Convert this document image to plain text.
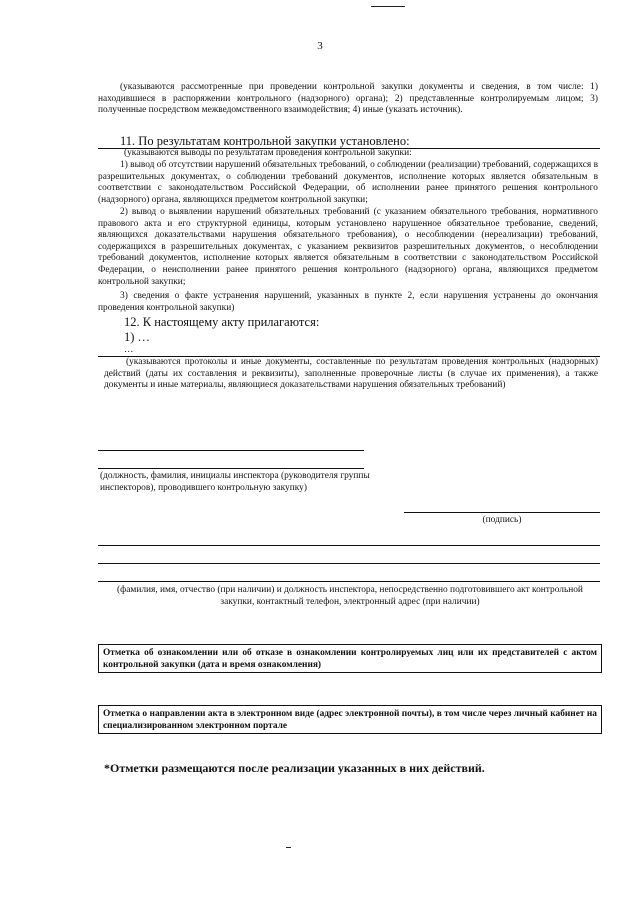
3
(указываются рассмотренные при проведении контрольной закупки документы и сведения, в том числе: 1) находившиеся в распоряжении контрольного (надзорного) органа); 2) представленные контролируемым лицом; 3) полученные посредством межведомственного взаимодействия; 4) иные (указать источник).
11. По результатам контрольной закупки установлено:
(указываются выводы по результатам проведения контрольной закупки:
1) вывод об отсутствии нарушений обязательных требований, о соблюдении (реализации) требований, содержащихся в разрешительных документах, о соблюдении требований документов, исполнение которых является обязательным в соответствии с законодательством Российской Федерации, об исполнении ранее принятого решения контрольного (надзорного) органа, являющихся предметом контрольной закупки;
2) вывод о выявлении нарушений обязательных требований (с указанием обязательного требования, нормативного правового акта и его структурной единицы, которым установлено нарушенное обязательное требование, сведений, являющихся доказательствами нарушения обязательного требования), о несоблюдении (нереализации) требований, содержащихся в разрешительных документах, с указанием реквизитов разрешительных документов, о несоблюдении требований документов, исполнение которых является обязательным в соответствии с законодательством Российской Федерации, о неисполнении ранее принятого решения контрольного (надзорного) органа, являющихся предметом контрольной закупки;
3) сведения о факте устранения нарушений, указанных в пункте 2, если нарушения устранены до окончания проведения контрольной закупки)
12. К настоящему акту прилагаются:
1) …
…
(указываются протоколы и иные документы, составленные по результатам проведения контрольных (надзорных) действий (даты их составления и реквизиты), заполненные проверочные листы (в случае их применения), а также документы и иные материалы, являющиеся доказательствами нарушения обязательных требований)
(должность, фамилия, инициалы инспектора (руководителя группы инспекторов), проводившего контрольную закупку)
(подпись)
(фамилия, имя, отчество (при наличии) и должность инспектора, непосредственно подготовившего акт контрольной закупки, контактный телефон, электронный адрес (при наличии)
Отметка об ознакомлении или об отказе в ознакомлении контролируемых лиц или их представителей с актом контрольной закупки (дата и время ознакомления)
Отметка о направлении акта в электронном виде (адрес электронной почты), в том числе через личный кабинет на специализированном электронном портале
*Отметки размещаются после реализации указанных в них действий.
